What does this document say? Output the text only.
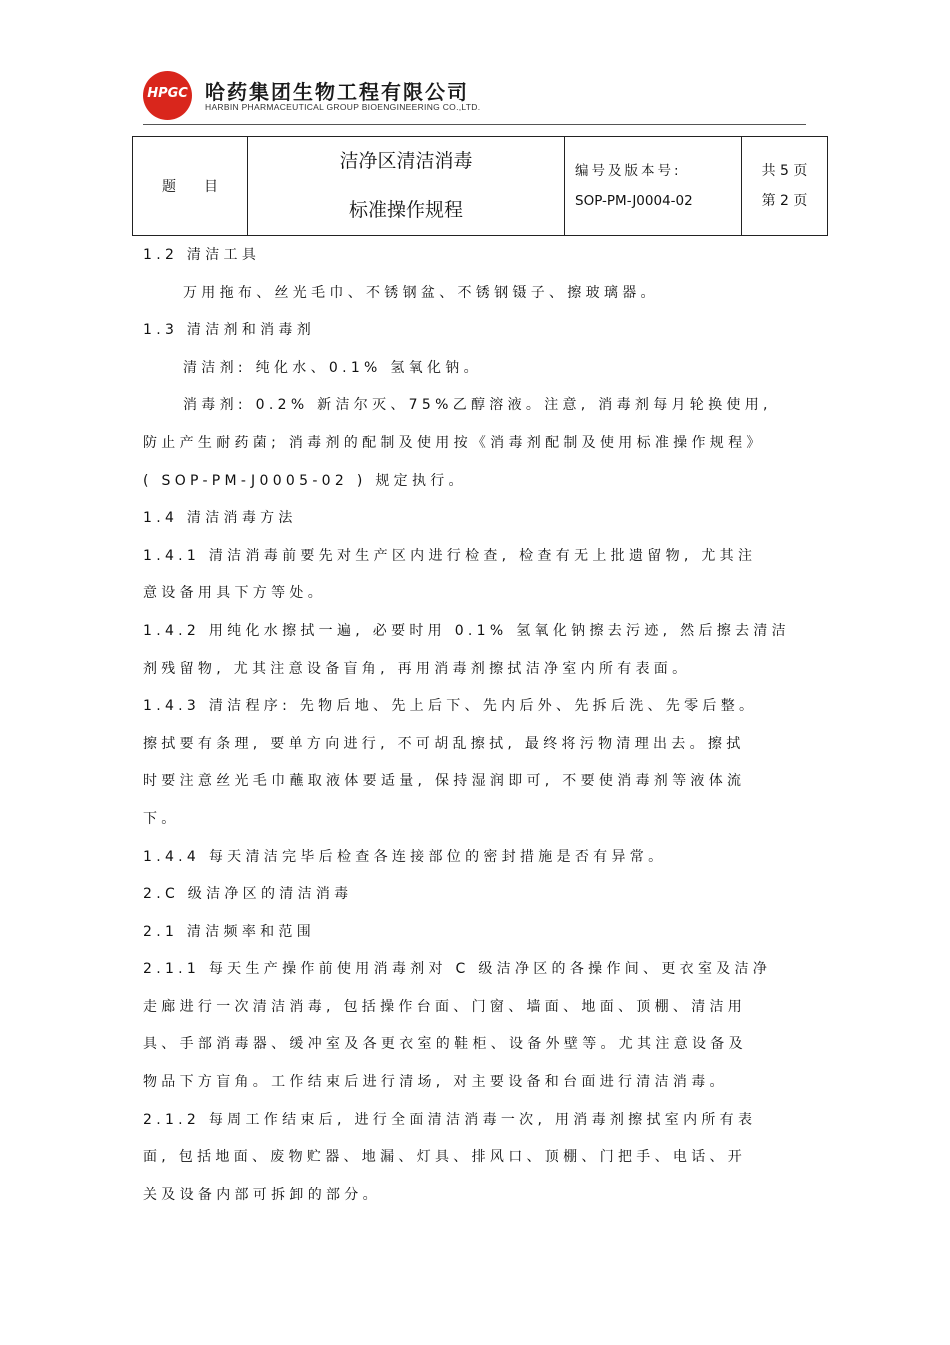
HPGC 哈药集团生物工程有限公司
HARBIN PHARMACEUTICAL GROUP BIOENGINEERING CO.,LTD.
题　　目	
洁净区清洁消毒
标准操作规程

编号及版本号:
SOP-PM-J0004-02

共 5 页
第 2 页
1.2 清洁工具
万用拖布、丝光毛巾、不锈钢盆、不锈钢镊子、擦玻璃器。
1.3 清洁剂和消毒剂
清洁剂: 纯化水、0.1% 氢氧化钠。
消毒剂: 0.2% 新洁尔灭、75%乙醇溶液。注意, 消毒剂每月轮换使用,
防止产生耐药菌; 消毒剂的配制及使用按《消毒剂配制及使用标准操作规程》
( SOP-PM-J0005-02 ) 规定执行。
1.4 清洁消毒方法
1.4.1 清洁消毒前要先对生产区内进行检查, 检查有无上批遗留物, 尤其注
意设备用具下方等处。
1.4.2 用纯化水擦拭一遍, 必要时用 0.1% 氢氧化钠擦去污迹, 然后擦去清洁
剂残留物, 尤其注意设备盲角, 再用消毒剂擦拭洁净室内所有表面。
1.4.3 清洁程序: 先物后地、先上后下、先内后外、先拆后洗、先零后整。
擦拭要有条理, 要单方向进行, 不可胡乱擦拭, 最终将污物清理出去。擦拭
时要注意丝光毛巾蘸取液体要适量, 保持湿润即可, 不要使消毒剂等液体流
下。
1.4.4 每天清洁完毕后检查各连接部位的密封措施是否有异常。
2.C 级洁净区的清洁消毒
2.1 清洁频率和范围
2.1.1 每天生产操作前使用消毒剂对 C 级洁净区的各操作间、更衣室及洁净
走廊进行一次清洁消毒, 包括操作台面、门窗、墙面、地面、顶棚、清洁用
具、手部消毒器、缓冲室及各更衣室的鞋柜、设备外壁等。尤其注意设备及
物品下方盲角。工作结束后进行清场, 对主要设备和台面进行清洁消毒。
2.1.2 每周工作结束后, 进行全面清洁消毒一次, 用消毒剂擦拭室内所有表
面, 包括地面、废物贮器、地漏、灯具、排风口、顶棚、门把手、电话、开
关及设备内部可拆卸的部分。
